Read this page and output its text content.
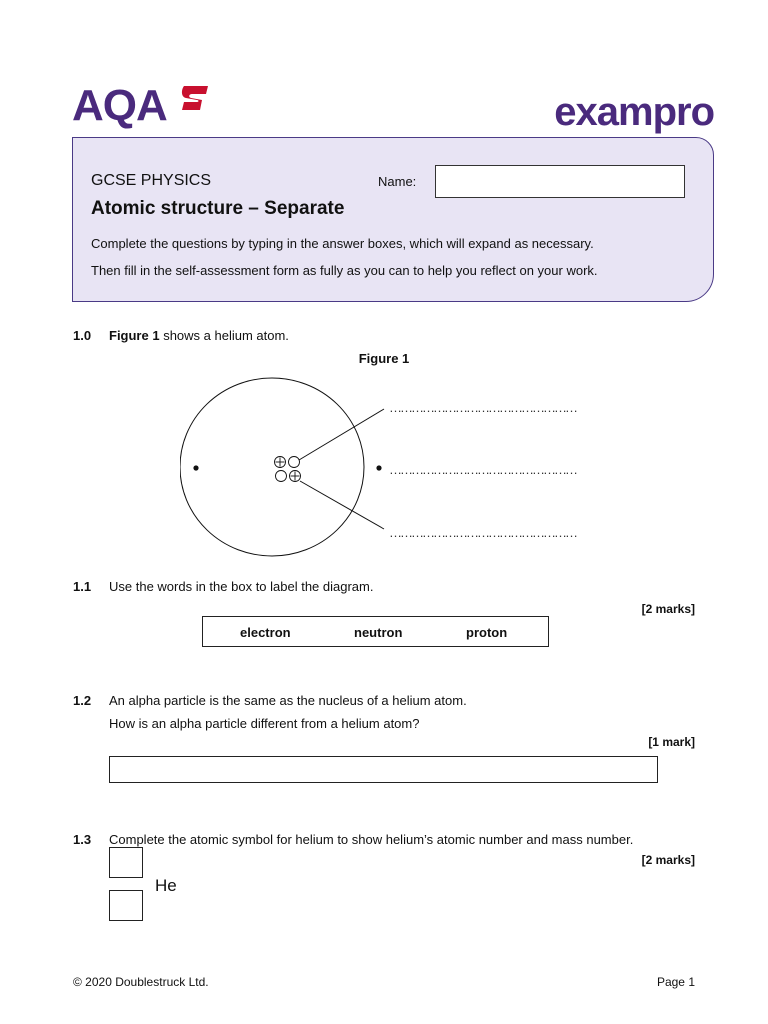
AQA	exampro
GCSE PHYSICS	Name:
Atomic structure – Separate
Complete the questions by typing in the answer boxes, which will expand as necessary.
Then fill in the self-assessment form as fully as you can to help you reflect on your work.
1.0 Figure 1 shows a helium atom.
Figure 1
……………………………………………
……………………………………………
……………………………………………
1.1 Use the words in the box to label the diagram.
[2 marks]
electron	neutron	proton
1.2 An alpha particle is the same as the nucleus of a helium atom.
How is an alpha particle different from a helium atom?
[1 mark]
1.3 Complete the atomic symbol for helium to show helium’s atomic number and mass number.
[2 marks]
He
© 2020 Doublestruck Ltd.	Page 1
